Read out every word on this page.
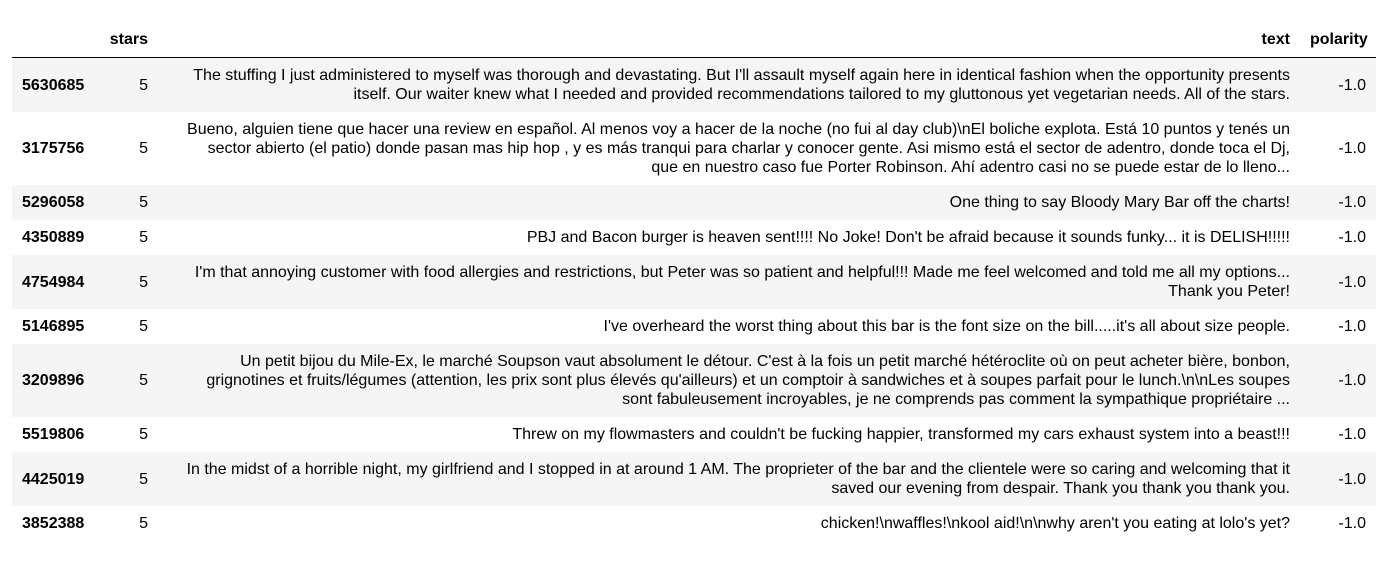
	stars	text	polarity
5630685	5	The stuffing I just administered to myself was thorough and devastating. But I'll assault myself again here in identical fashion when the opportunity presents itself. Our waiter knew what I needed and provided recommendations tailored to my gluttonous yet vegetarian needs. All of the stars.	-1.0
3175756	5	Bueno, alguien tiene que hacer una review en español. Al menos voy a hacer de la noche (no fui al day club)\nEl boliche explota. Está 10 puntos y tenés un sector abierto (el patio) donde pasan mas hip hop , y es más tranqui para charlar y conocer gente. Asi mismo está el sector de adentro, donde toca el Dj, que en nuestro caso fue Porter Robinson. Ahí adentro casi no se puede estar de lo lleno...	-1.0
5296058	5	One thing to say Bloody Mary Bar off the charts!	-1.0
4350889	5	PBJ and Bacon burger is heaven sent!!!! No Joke! Don't be afraid because it sounds funky... it is DELISH!!!!!	-1.0
4754984	5	I'm that annoying customer with food allergies and restrictions, but Peter was so patient and helpful!!! Made me feel welcomed and told me all my options... Thank you Peter!	-1.0
5146895	5	I've overheard the worst thing about this bar is the font size on the bill.....it's all about size people.	-1.0
3209896	5	Un petit bijou du Mile-Ex, le marché Soupson vaut absolument le détour. C'est à la fois un petit marché hétéroclite où on peut acheter bière, bonbon, grignotines et fruits/légumes (attention, les prix sont plus élevés qu'ailleurs) et un comptoir à sandwiches et à soupes parfait pour le lunch.\n\nLes soupes sont fabuleusement incroyables, je ne comprends pas comment la sympathique propriétaire ...	-1.0
5519806	5	Threw on my flowmasters and couldn't be fucking happier, transformed my cars exhaust system into a beast!!!	-1.0
4425019	5	In the midst of a horrible night, my girlfriend and I stopped in at around 1 AM. The proprieter of the bar and the clientele were so caring and welcoming that it saved our evening from despair. Thank you thank you thank you.	-1.0
3852388	5	chicken!\nwaffles!\nkool aid!\n\nwhy aren't you eating at lolo's yet?	-1.0
